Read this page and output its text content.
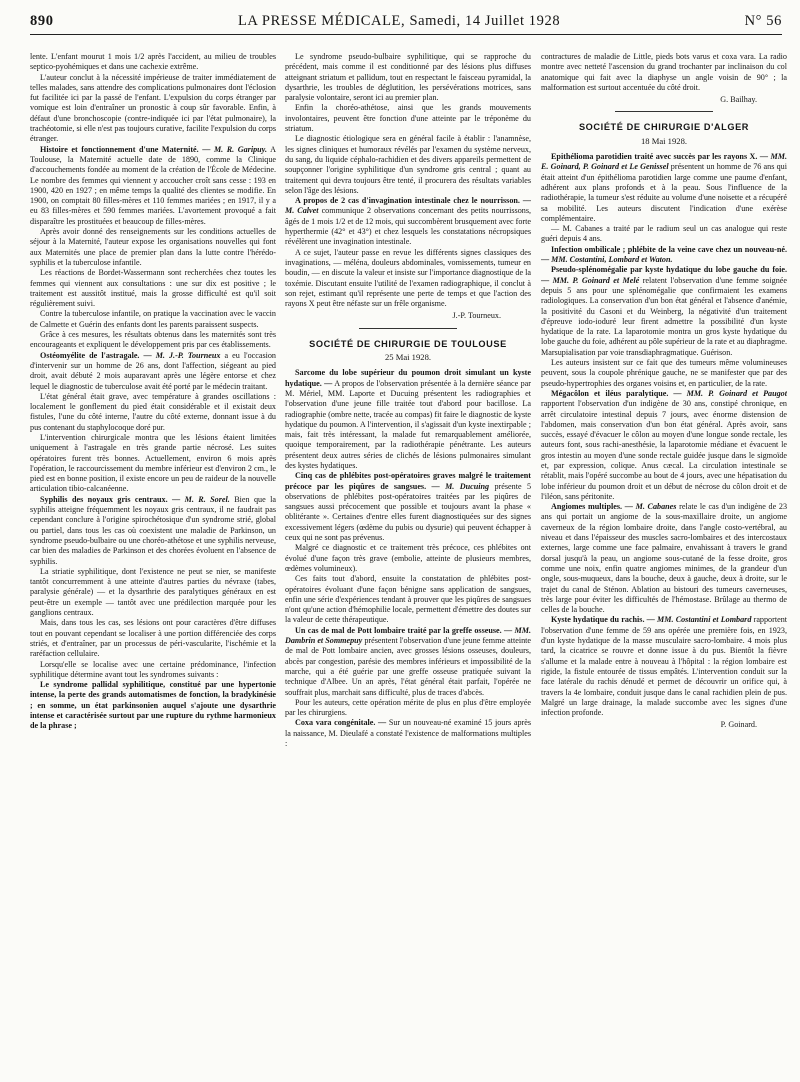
890	LA PRESSE MÉDICALE, Samedi, 14 Juillet 1928	N° 56

lente. L'enfant mourut 1 mois 1/2 après l'accident, au milieu de troubles septico-pyohémiques et dans une cachexie extrême.

L'auteur conclut à la nécessité impérieuse de traiter immédiatement de telles malades, sans attendre des complications pulmonaires dont l'éclosion fut facilitée ici par la passé de l'enfant. L'expulsion du corps étranger par vomique est loin d'entraîner un pronostic à coup sûr favorable. Enfin, à défaut d'une bronchoscopie (contre-indiquée ici par l'état pulmonaire), la trachéotomie, si elle n'est pas toujours curative, facilite l'expulsion du corps étranger.

Histoire et fonctionnement d'une Maternité. — M. R. Garipuy. A Toulouse, la Maternité actuelle date de 1890, comme la Clinique d'accouchements fondée au moment de la création de l'École de Médecine. Le nombre des femmes qui viennent y accoucher croît sans cesse : 193 en 1900, 420 en 1927 ; en même temps la qualité des clientes se modifie. En 1900, on comptait 80 filles-mères et 110 femmes mariées ; en 1917, il y a eu 83 filles-mères et 590 femmes mariées. L'avortement provoqué a fait disparaître les prostituées et beaucoup de filles-mères.

Après avoir donné des renseignements sur les conditions actuelles de séjour à la Maternité, l'auteur expose les organisations nouvelles qui font aux Maternités une place de premier plan dans la lutte contre l'hérédo-syphilis et la tuberculose infantile.

Les réactions de Bordet-Wassermann sont recherchées chez toutes les femmes qui viennent aux consultations : une sur dix est positive ; le traitement est aussitôt institué, mais la grosse difficulté est qu'il soit régulièrement suivi.

Contre la tuberculose infantile, on pratique la vaccination avec le vaccin de Calmette et Guérin des enfants dont les parents paraissent suspects.

Grâce à ces mesures, les résultats obtenus dans les maternités sont très encourageants et expliquent le développement pris par ces établissements.

Ostéomyélite de l'astragale. — M. J.-P. Tourneux a eu l'occasion d'intervenir sur un homme de 26 ans, dont l'affection, siégeant au pied droit, avait débuté 2 mois auparavant après une légère entorse et chez lequel le diagnostic de tuberculose avait été porté par le médecin traitant.

L'état général était grave, avec température à grandes oscillations : localement le gonflement du pied était considérable et il existait deux fistules, l'une du côté interne, l'autre du côté externe, donnant issue à du pus contenant du staphylocoque doré pur.

L'intervention chirurgicale montra que les lésions étaient limitées uniquement à l'astragale en très grande partie nécrosé. Les suites opératoires furent très bonnes. Actuellement, environ 6 mois après l'opération, le raccourcissement du membre inférieur est d'environ 2 cm., le pied est en bonne position, il existe encore un peu de raideur de la nouvelle articulation tibio-calcanéenne.

Syphilis des noyaux gris centraux. — M. R. Sorel. Bien que la syphilis atteigne fréquemment les noyaux gris centraux, il ne faudrait pas cependant conclure à l'origine spirochétosique d'un syndrome strié, global ou partiel, dans tous les cas où coexistent une maladie de Parkinson, un syndrome pseudo-bulbaire ou une choréo-athétose et une syphilis nerveuse, car bien des maladies de Parkinson et des chorées évoluent en l'absence de syphilis.

La striatie syphilitique, dont l'existence ne peut se nier, se manifeste tantôt concurremment à une atteinte d'autres parties du névraxe (tabes, paralysie générale) — et la dysarthrie des paralytiques généraux en est peut-être un exemple — tantôt avec une prédilection marquée pour les ganglions centraux.

Mais, dans tous les cas, ses lésions ont pour caractères d'être diffuses tout en pouvant cependant se localiser à une portion différenciée des corps striés, et d'entraîner, par un processus de péri-vascularite, l'ischémie et la raréfaction cellulaire.

Lorsqu'elle se localise avec une certaine prédominance, l'infection syphilitique détermine avant tout les syndromes suivants :

Le syndrome pallidal syphilitique, constitué par une hypertonie intense, la perte des grands automatismes de fonction, la bradykinésie ; en somme, un état parkinsonien auquel s'ajoute une dysarthrie intense et caractérisée surtout par une rupture du rythme harmonieux de la phrase ;

Le syndrome pseudo-bulbaire syphilitique, qui se rapproche du précédent, mais comme il est conditionné par des lésions plus diffuses atteignant striatum et pallidum, tout en respectant le faisceau pyramidal, la dysarthrie, les troubles de déglutition, les persévérations motrices, sans paralysie volontaire, seront ici au premier plan.

Enfin la choréo-athétose, ainsi que les grands mouvements involontaires, peuvent être fonction d'une atteinte par le tréponème du striatum.

Le diagnostic étiologique sera en général facile à établir : l'anamnèse, les signes cliniques et humoraux révélés par l'examen du système nerveux, du sang, du liquide céphalo-rachidien et des divers appareils permettent de soupçonner l'origine syphilitique d'un syndrome gris central ; quant au traitement qui devra toujours être tenté, il procurera des résultats variables selon l'âge des lésions.

A propos de 2 cas d'invagination intestinale chez le nourrisson. — M. Calvet communique 2 observations concernant des petits nourrissons, âgés de 1 mois 1/2 et de 12 mois, qui succombèrent brusquement avec forte hyperthermie (42° et 43°) et chez lesquels les constatations nécropsiques révélèrent une invagination intestinale.

A ce sujet, l'auteur passe en revue les différents signes classiques des invaginations, — méléna, douleurs abdominales, vomissements, tumeur en boudin, — en discute la valeur et insiste sur l'importance diagnostique de la toxémie. Discutant ensuite l'utilité de l'examen radiographique, il conclut à son rejet, estimant qu'il représente une perte de temps et que l'action des rayons X peut être néfaste sur un frêle organisme.

J.-P. Tourneux.

SOCIÉTÉ DE CHIRURGIE DE TOULOUSE
25 Mai 1928.

Sarcome du lobe supérieur du poumon droit simulant un kyste hydatique. — A propos de l'observation présentée à la dernière séance par M. Mériel, MM. Laporte et Ducuing présentent les radiographies et l'observation d'une jeune fille traitée tout d'abord pour bacillose. La radiographie (ombre nette, tracée au compas) fit faire le diagnostic de kyste hydatique du poumon. A l'intervention, il s'agissait d'un kyste inextirpable ; mais, fait très intéressant, la malade fut remarquablement améliorée, quoique temporairement, par la radiothérapie pénétrante. Les auteurs présentent deux autres séries de clichés de lésions pulmonaires simulant des kystes hydatiques.

Cinq cas de phlébites post-opératoires graves malgré le traitement précoce par les piqûres de sangsues. — M. Ducuing présente 5 observations de phlébites post-opératoires traitées par les piqûres de sangsues aussi précocement que possible et toujours avant la phase « oblitérante ». Certaines d'entre elles furent diagnostiquées sur des signes excessivement légers (œdème du pubis ou dysurie) qui peuvent échapper à ceux qui ne sont pas prévenus.

Malgré ce diagnostic et ce traitement très précoce, ces phlébites ont évolué d'une façon très grave (embolie, atteinte de plusieurs membres, œdèmes volumineux).

Ces faits tout d'abord, ensuite la constatation de phlébites post-opératoires évoluant d'une façon bénigne sans application de sangsues, enfin une série d'expériences tendant à prouver que les piqûres de sangsues n'ont qu'une action d'hémophilie locale, permettent d'émettre des doutes sur la valeur de cette thérapeutique.

Un cas de mal de Pott lombaire traité par la greffe osseuse. — MM. Dambrin et Sommepuy présentent l'observation d'une jeune femme atteinte de mal de Pott lombaire ancien, avec grosses lésions osseuses, douleurs, abcès par congestion, parésie des membres inférieurs et impossibilité de la marche, qui a été guérie par une greffe osseuse pratiquée suivant la technique d'Albee. Un an après, l'état général était parfait, l'opérée ne souffrait plus, marchait sans difficulté, plus de traces d'abcès.

Pour les auteurs, cette opération mérite de plus en plus d'être employée par les chirurgiens.

Coxa vara congénitale. — Sur un nouveau-né examiné 15 jours après la naissance, M. Dieulafé a constaté l'existence de malformations multiples :

contractures de maladie de Little, pieds bots varus et coxa vara. La radio montre avec netteté l'ascension du grand trochanter par inclinaison du col anatomique qui fait avec la diaphyse un angle voisin de 90° ; la malformation est surtout accentuée du côté droit.

G. Bailhay.

SOCIÉTÉ DE CHIRURGIE D'ALGER
18 Mai 1928.

Epithélioma parotidien traité avec succès par les rayons X. — MM. E. Goinard, P. Goinard et Le Genissel présentent un homme de 76 ans qui était atteint d'un épithélioma parotidien large comme une paume d'enfant, adhérent aux plans profonds et à la peau. Sous l'influence de la radiothérapie, la tumeur s'est réduite au volume d'une noisette et a récupéré sa mobilité. Les auteurs discutent l'indication d'une exérèse complémentaire.

— M. Cabanes a traité par le radium seul un cas analogue qui reste guéri depuis 4 ans.

Infection ombilicale ; phlébite de la veine cave chez un nouveau-né. — MM. Costantini, Lombard et Waton.

Pseudo-splénomégalie par kyste hydatique du lobe gauche du foie. — MM. P. Goinard et Melé relatent l'observation d'une femme soignée depuis 5 ans pour une splénomégalie que confirmaient les examens radiologiques. La conservation d'un bon état général et l'absence d'anémie, la positivité du Casoni et du Weinberg, la négativité d'un traitement d'épreuve iodo-ioduré leur firent admettre la possibilité d'un kyste hydatique de la rate. La laparotomie montra un gros kyste hydatique du lobe gauche du foie, adhérent au pôle supérieur de la rate et au diaphragme. Marsupialisation par voie transdiaphragmatique. Guérison.

Les auteurs insistent sur ce fait que des tumeurs même volumineuses peuvent, sous la coupole phrénique gauche, ne se manifester que par des pseudo-hypertrophies des organes voisins et, en particulier, de la rate.

Mégacôlon et iléus paralytique. — MM. P. Goinard et Paugot rapportent l'observation d'un indigène de 30 ans, constipé chronique, en arrêt circulatoire intestinal depuis 7 jours, avec énorme distension de l'abdomen, mais conservation d'un bon état général. Après avoir, sans succès, essayé d'évacuer le côlon au moyen d'une longue sonde rectale, les auteurs font, sous rachi-anesthésie, la laparotomie médiane et évacuent le gros intestin au moyen d'une sonde rectale guidée jusque dans le sigmoïde et, par expression, colique. Anus cæcal. La circulation intestinale se rétablit, mais l'opéré succombe au bout de 4 jours, avec une hépatisation du lobe inférieur du poumon droit et un début de nécrose du côlon droit et de l'iléon, sans péritonite.

Angiomes multiples. — M. Cabanes relate le cas d'un indigène de 23 ans qui portait un angiome de la sous-maxillaire droite, un angiome caverneux de la région lombaire droite, dans l'angle costo-vertébral, au niveau et dans l'épaisseur des muscles sacro-lombaires et des intercostaux externes, large comme une face palmaire, envahissant à travers le grand dorsal jusqu'à la peau, un angiome sous-cutané de la fesse droite, gros comme une noix, enfin quatre angiomes minimes, de la grandeur d'un ongle, sous-muqueux, dans la bouche, deux à gauche, deux à droite, sur le trajet du canal de Sténon. Ablation au bistouri des tumeurs caverneuses, très large pour éviter les difficultés de l'hémostase. Brûlage au thermo de celles de la bouche.

Kyste hydatique du rachis. — MM. Costantini et Lombard rapportent l'observation d'une femme de 59 ans opérée une première fois, en 1923, d'un kyste hydatique de la masse musculaire sacro-lombaire. 4 mois plus tard, la cicatrice se rouvre et donne issue à du pus. Bientôt la fièvre s'allume et la malade entre à nouveau à l'hôpital : la région lombaire est rigide, la fistule entourée de tissus empâtés. L'intervention conduit sur la face latérale du rachis dénudé et permet de découvrir un orifice qui, à travers la 4e lombaire, conduit jusque dans le canal rachidien plein de pus. Malgré un large drainage, la malade succombe avec les signes d'une infection profonde.

P. Goinard.
